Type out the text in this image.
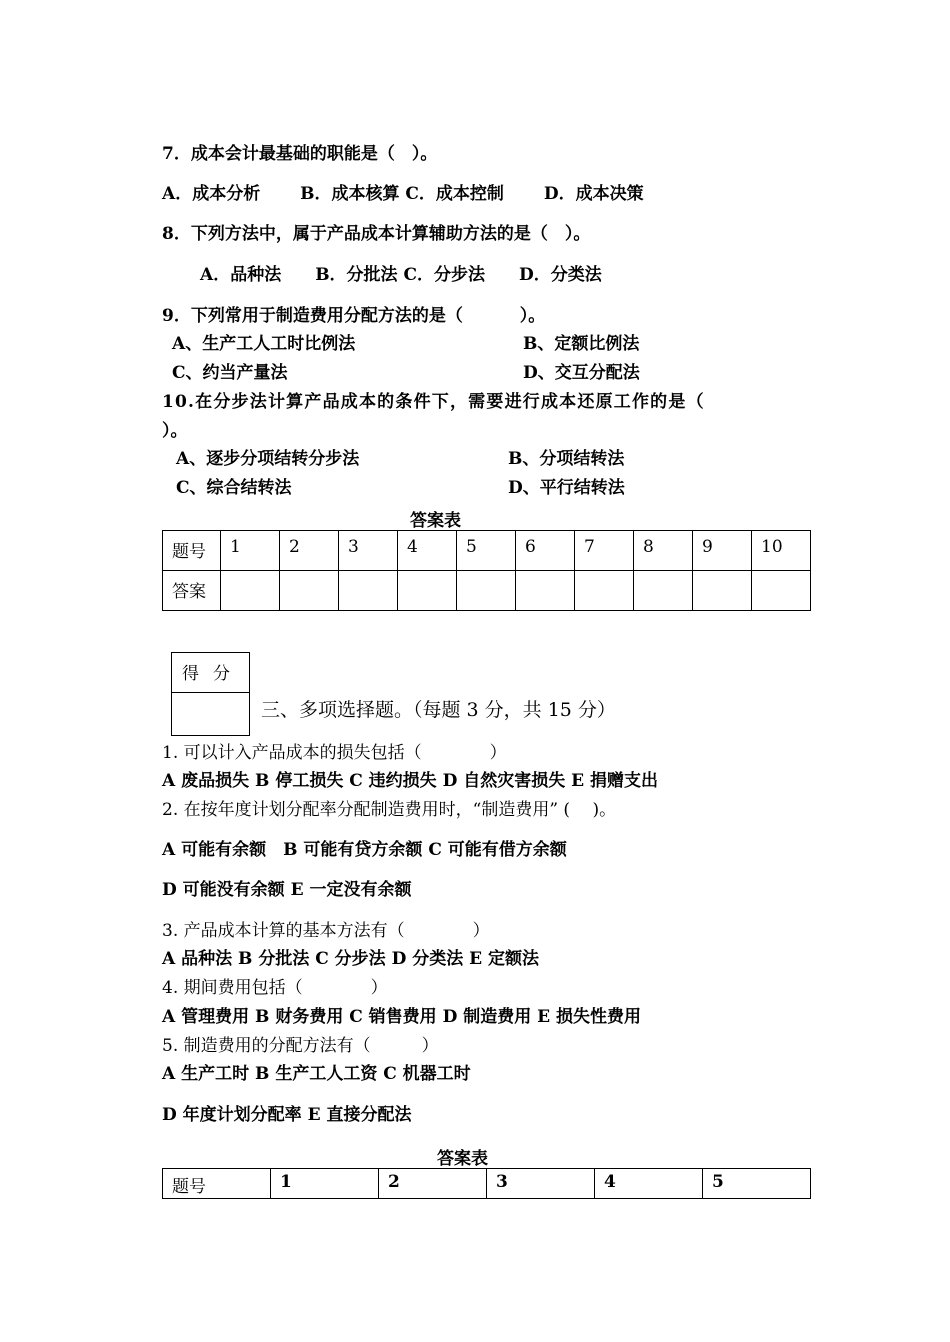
7．成本会计最基础的职能是（　）。
A．成本分析　　 B．成本核算 C．成本控制　　 D．成本决策
8．下列方法中，属于产品成本计算辅助方法的是（　）。
A．品种法　　B．分批法 C．分步法　　D．分类法
9．下列常用于制造费用分配方法的是（　　　 ）。
A、生产工人工时比例法	B、定额比例法
C、约当产量法	D、交互分配法
10.在分步法计算产品成本的条件下，需要进行成本还原工作的是（
）。
A、逐步分项结转分步法	B、分项结转法
C、综合结转法	D、平行结转法
答案表
题号	1	2	3	4	5	6	7	8	9	10
答案										
得分
三、多项选择题。（每题 3 分，共 15 分）
1. 可以计入产品成本的损失包括（　　　　）
A 废品损失 B 停工损失 C 违约损失 D 自然灾害损失 E 捐赠支出
2. 在按年度计划分配率分配制造费用时，“制造费用” (　 )。
A 可能有余额　B 可能有贷方余额 C 可能有借方余额
D 可能没有余额 E 一定没有余额
3. 产品成本计算的基本方法有（　　　　）
A 品种法 B 分批法 C 分步法 D 分类法 E 定额法
4. 期间费用包括（　　　　）
A 管理费用 B 财务费用 C 销售费用 D 制造费用 E 损失性费用
5. 制造费用的分配方法有（　　　）
A 生产工时 B 生产工人工资 C 机器工时
D 年度计划分配率 E 直接分配法
答案表
题号	1	2	3	4	5
